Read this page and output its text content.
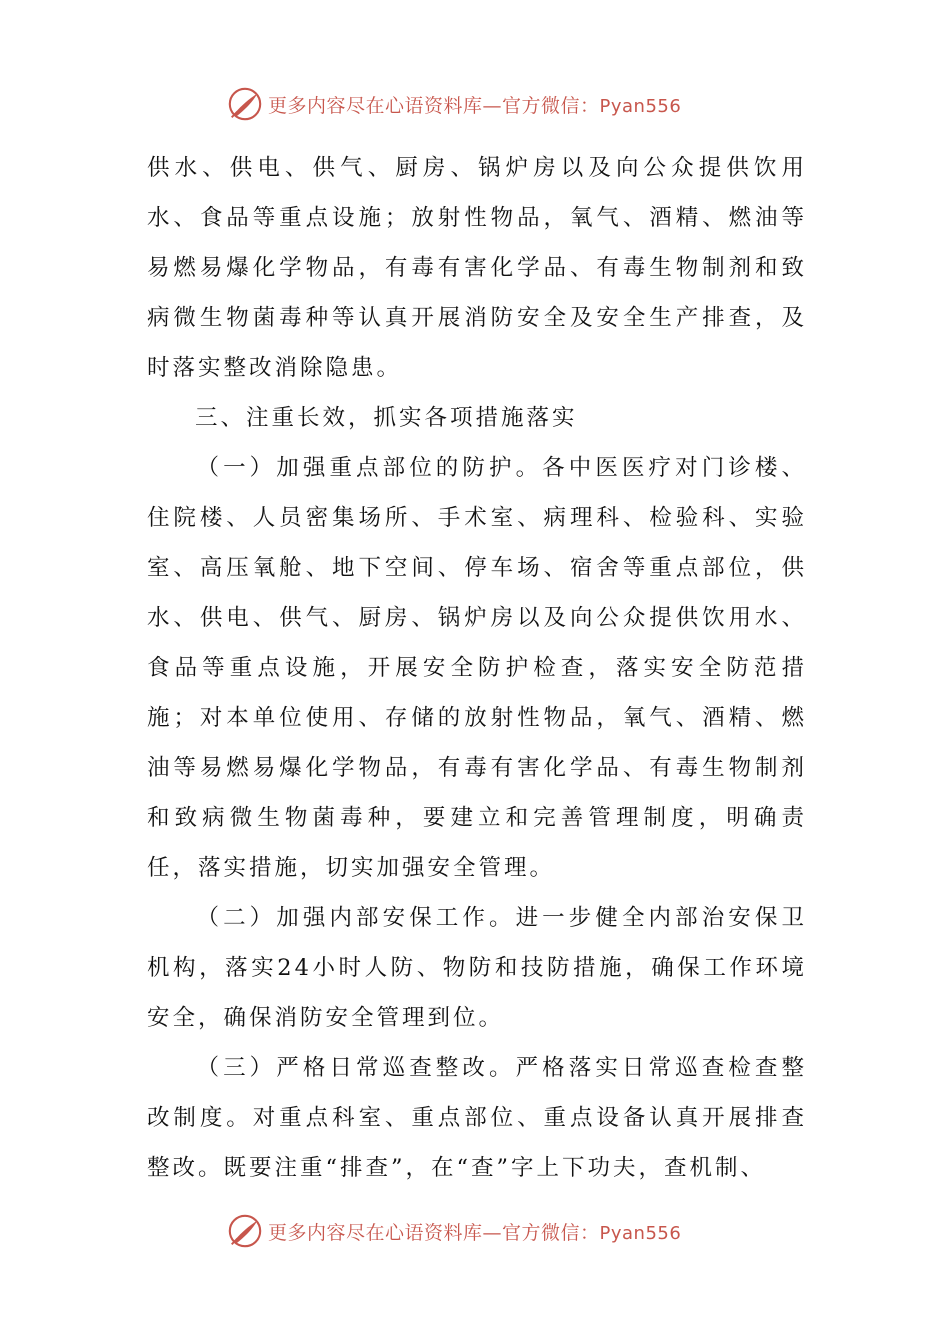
更多内容尽在心语资料库—官方微信：Pyan556

供水、供电、供气、厨房、锅炉房以及向公众提供饮用水、食品等重点设施；放射性物品，氧气、酒精、燃油等易燃易爆化学物品，有毒有害化学品、有毒生物制剂和致病微生物菌毒种等认真开展消防安全及安全生产排查，及时落实整改消除隐患。

三、注重长效，抓实各项措施落实

（一）加强重点部位的防护。各中医医疗对门诊楼、住院楼、人员密集场所、手术室、病理科、检验科、实验室、高压氧舱、地下空间、停车场、宿舍等重点部位，供水、供电、供气、厨房、锅炉房以及向公众提供饮用水、食品等重点设施，开展安全防护检查，落实安全防范措施；对本单位使用、存储的放射性物品，氧气、酒精、燃油等易燃易爆化学物品，有毒有害化学品、有毒生物制剂和致病微生物菌毒种，要建立和完善管理制度，明确责任，落实措施，切实加强安全管理。

（二）加强内部安保工作。进一步健全内部治安保卫机构，落实24小时人防、物防和技防措施，确保工作环境安全，确保消防安全管理到位。

（三）严格日常巡查整改。严格落实日常巡查检查整改制度。对重点科室、重点部位、重点设备认真开展排查整改。既要注重“排查”，在“查”字上下功夫，查机制、

更多内容尽在心语资料库—官方微信：Pyan556
